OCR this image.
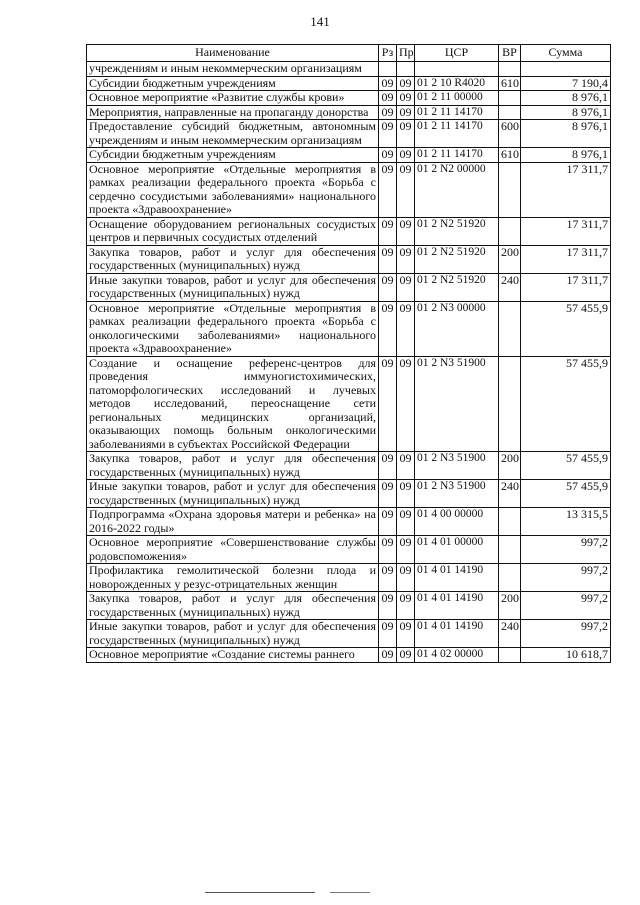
141
Наименование	Рз	Пр	ЦСР	ВР	Сумма
учреждениям и иным некоммерческим организациям					
Субсидии бюджетным учреждениям	09	09	01 2 10 R4020	610	7 190,4
Основное мероприятие «Развитие службы крови»	09	09	01 2 11 00000		8 976,1
Мероприятия, направленные на пропаганду донорства	09	09	01 2 11 14170		8 976,1
Предоставление субсидий бюджетным, автономным учреждениям и иным некоммерческим организациям	09	09	01 2 11 14170	600	8 976,1
Субсидии бюджетным учреждениям	09	09	01 2 11 14170	610	8 976,1
Основное мероприятие «Отдельные мероприятия в рамках реализации федерального проекта «Борьба с сердечно сосудистыми заболеваниями» национального проекта «Здравоохранение»	09	09	01 2 N2 00000		17 311,7
Оснащение оборудованием региональных сосудистых центров и первичных сосудистых отделений	09	09	01 2 N2 51920		17 311,7
Закупка товаров, работ и услуг для обеспечения государственных (муниципальных) нужд	09	09	01 2 N2 51920	200	17 311,7
Иные закупки товаров, работ и услуг для обеспечения государственных (муниципальных) нужд	09	09	01 2 N2 51920	240	17 311,7
Основное мероприятие «Отдельные мероприятия в рамках реализации федерального проекта «Борьба с онкологическими заболеваниями» национального проекта «Здравоохранение»	09	09	01 2 N3 00000		57 455,9
Создание и оснащение референс-центров для проведения иммуногистохимических, патоморфологических исследований и лучевых методов исследований, переоснащение сети региональных медицинских организаций, оказывающих помощь больным онкологическими заболеваниями в субъектах Российской Федерации	09	09	01 2 N3 51900		57 455,9
Закупка товаров, работ и услуг для обеспечения государственных (муниципальных) нужд	09	09	01 2 N3 51900	200	57 455,9
Иные закупки товаров, работ и услуг для обеспечения государственных (муниципальных) нужд	09	09	01 2 N3 51900	240	57 455,9
Подпрограмма «Охрана здоровья матери и ребенка» на 2016-2022 годы»	09	09	01 4 00 00000		13 315,5
Основное мероприятие «Совершенствование службы родовспоможения»	09	09	01 4 01 00000		997,2
Профилактика гемолитической болезни плода и новорожденных у резус-отрицательных женщин	09	09	01 4 01 14190		997,2
Закупка товаров, работ и услуг для обеспечения государственных (муниципальных) нужд	09	09	01 4 01 14190	200	997,2
Иные закупки товаров, работ и услуг для обеспечения государственных (муниципальных) нужд	09	09	01 4 01 14190	240	997,2
Основное мероприятие «Создание системы раннего	09	09	01 4 02 00000		10 618,7
